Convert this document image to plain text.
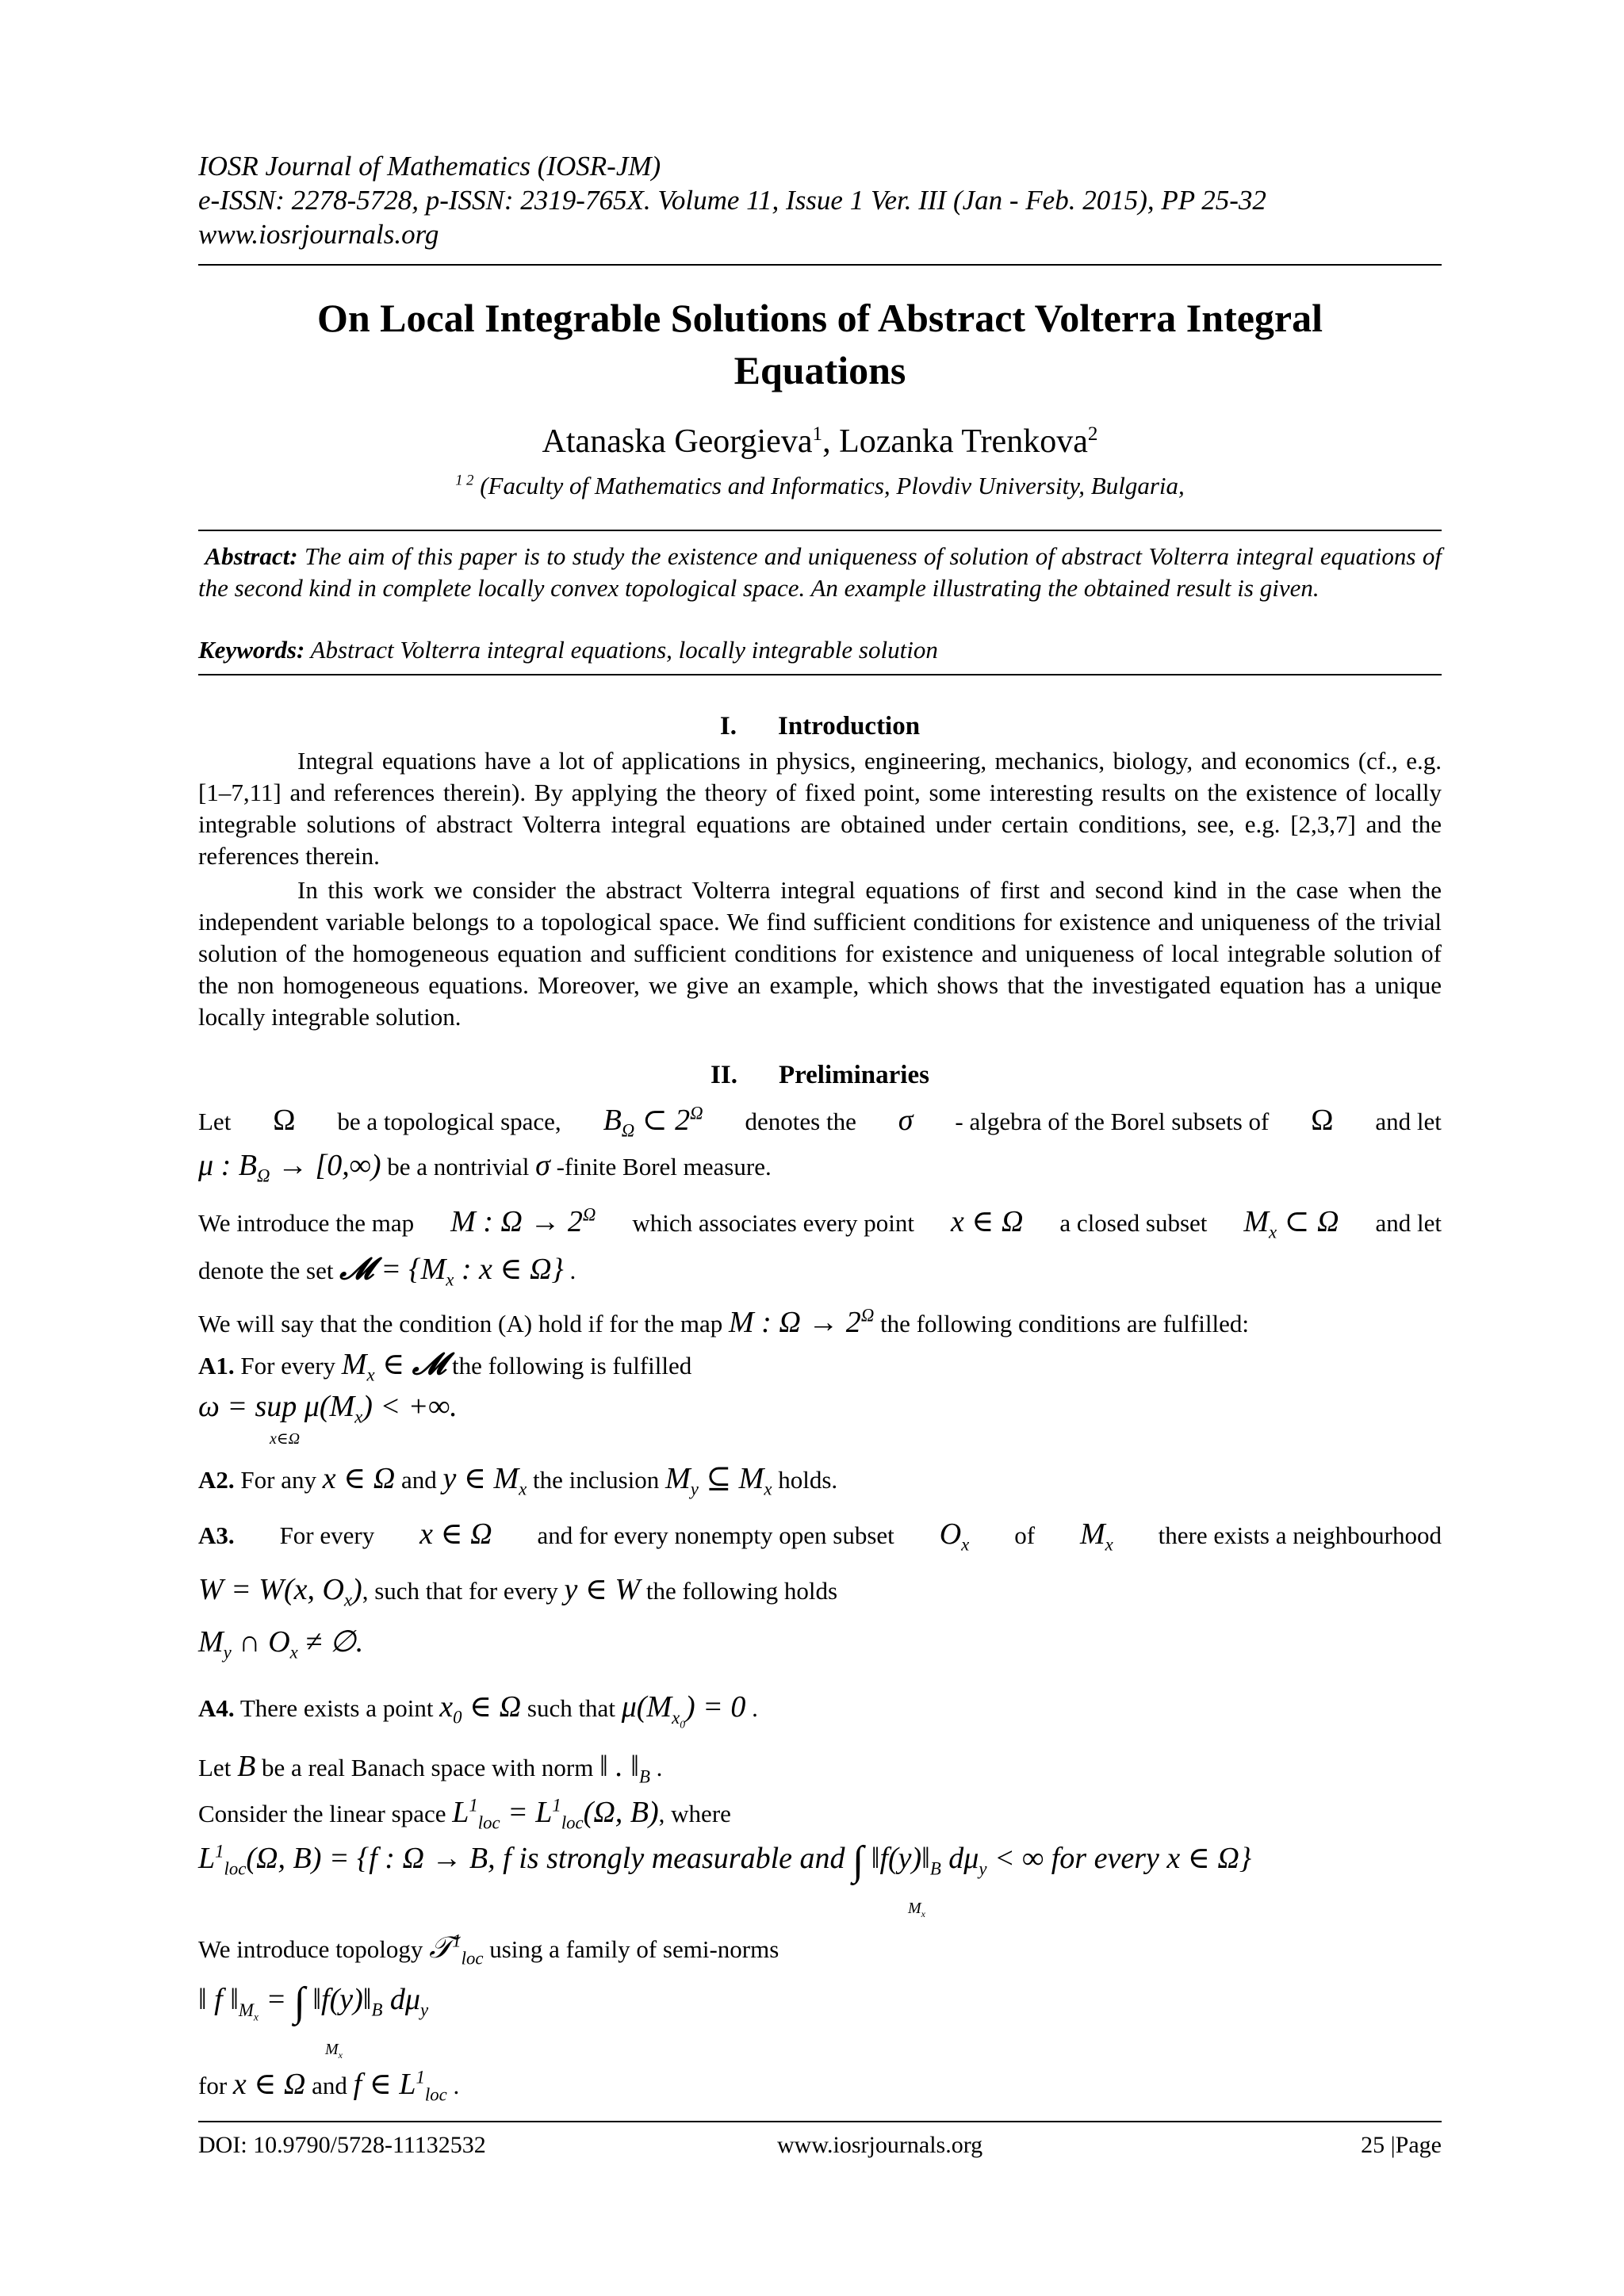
IOSR Journal of Mathematics (IOSR-JM)
e-ISSN: 2278-5728, p-ISSN: 2319-765X. Volume 11, Issue 1 Ver. III (Jan - Feb. 2015), PP 25-32
www.iosrjournals.org
On Local Integrable Solutions of Abstract Volterra Integral
Equations
Atanaska Georgieva$^1$, Lozanka Trenkova$^2$
$^{1 2}$ (Faculty of Mathematics and Informatics, Plovdiv University, Bulgaria,
Abstract: The aim of this paper is to study the existence and uniqueness of solution of abstract Volterra integral equations of the second kind in complete locally convex topological space. An example illustrating the obtained result is given.
Keywords: Abstract Volterra integral equations, locally integrable solution
I. Introduction
Integral equations have a lot of applications in physics, engineering, mechanics, biology, and economics (cf., e.g.[1–7,11] and references therein). By applying the theory of fixed point, some interesting results on the existence of locally integrable solutions of abstract Volterra integral equations are obtained under certain conditions, see, e.g. [2,3,7] and the references therein.
In this work we consider the abstract Volterra integral equations of first and second kind in the case when the independent variable belongs to a topological space. We find sufficient conditions for existence and uniqueness of the trivial solution of the homogeneous equation and sufficient conditions for existence and uniqueness of local integrable solution of the non homogeneous equations. Moreover, we give an example, which shows that the investigated equation has a unique locally integrable solution.
II. Preliminaries
Let Ω be a topological space, $B_\Omega$ ⊂ $2^\Omega$ denotes the σ - algebra of the Borel subsets of Ω and let
μ : $B_\Omega \to [0,\infty)$ be a nontrivial σ -finite Borel measure.
We introduce the map M : $\Omega \to 2^\Omega$ which associates every point x ∈ Ω a closed subset $M_x$ ⊂ Ω and let
denote the set 𝓜 = {$M_x$ : x ∈ Ω} .
We will say that the condition (A) hold if for the map M : $\Omega \to 2^\Omega$ the following conditions are fulfilled:
A1. For every $M_x$ ∈ 𝓜 the following is fulfilled
ω = sup $\mu(M_x)$ < +∞.
x∈Ω
A2. For any x ∈ Ω and y ∈ $M_x$ the inclusion $M_y$ ⊆ $M_x$ holds.
A3. For every x ∈ Ω and for every nonempty open subset $O_x$ of $M_x$ there exists a neighbourhood
W = W(x, $O_x$), such that for every y ∈ W the following holds
$M_y$ ∩ $O_x$ ≠ ∅.
A4. There exists a point $x_0$ ∈ Ω such that $\mu(M_{x_0}) = 0$ .
Let B be a real Banach space with norm ‖ . $‖_B$ .
Consider the linear space $L^1_{loc} = L^1_{loc}(\Omega$, B), where
$L^1_{loc}(\Omega$, B) = {f : Ω → B, f is strongly measurable and ∫ $‖f(y)‖_B$ $d\mu_y$ < ∞ for every x ∈ Ω}
$M_x$
We introduce topology 𝒯$^1_{loc}$ using a family of semi-norms
‖ f $‖_{M_x}$ = ∫ $‖f(y)‖_B$ $d\mu_y$
$M_x$
for x ∈ Ω and f ∈ $L^1_{loc}$ .
DOI: 10.9790/5728-11132532	www.iosrjournals.org	25 |Page
